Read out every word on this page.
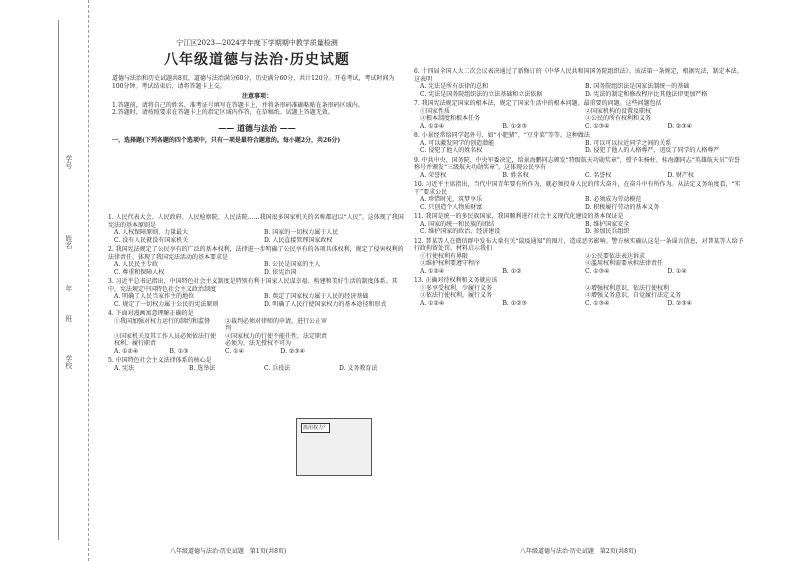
学号
姓名
年
班
学校
宁江区2023—2024学年度下学期期中教学质量检测
八年级道德与法治·历史试题
道德与法治和历史试题共8页，道德与法治满分60分，历史满分60分，共计120分。开卷考试，考试时间为100分钟。考试结束后，请将答题卡上交。
注意事项：
1.答题前，请将自己的姓名、准考证号填写在答题卡上，并将条形码准确粘贴在条形码区域内。
2.答题时，请按照要求在答题卡上的指定区域内作答，在草稿纸、试题上答题无效。
—— 道德与法治 ——
一、选择题(下列各题的四个选项中，只有一项是最符合题意的。每小题2分，共26分)
1. 人民代表大会、人民政府、人民检察院、人民法院……我国很多国家机关的名称都冠以“人民”。这体现了我国宪法的基本原则是
A. 人权保障原则、力量最大	B. 国家的一切权力属于人民
C. 没有人民就没有国家机关	D. 人民直接管理国家政权
2. 我国宪法规定了公民享有的广泛的基本权利，法律进一步明确了公民享有的各项具体权利，规定了侵害权利的法律责任。体现了我国宪法活动的基本要求是
A. 人民民主专政	B. 公民是国家的主人
C. 尊重和保障人权	D. 依宪治国
3. 习近平总书记指出，中国特色社会主义制度是特别有利于国家人民谋幸福、构建和美好生活的制度体系。其中，宪法规定中国特色社会主义政治制度
A. 明确了人民当家作主的地位	B. 奠定了国家权力属于人民的经济基础
C. 规定了一切权力属于公民的宪法原则	D. 明确了人民行使国家权力的基本途径和形式
4. 下面对漫画寓意理解正确的是
①我国加强对权力运行的制约和监督	②裁判必须对律师的申请，进行公正审判
③国家机关及其工作人员必须依法行使权利，履行职责
④国家权力的行使不能任性，法定职责必须为，法无授权不可为
A. ①②④	B. ①③	C. ①④	D. ②③④
5. 中国特色社会主义法律体系的核心是
A. 宪法	B. 选举法	C. 兵役法	D. 义务教育法
6. 十四届全国人大二次会议表决通过了新修订的《中华人民共和国国务院组织法》。该法第一条规定，根据宪法，制定本法。这表明
A. 宪法是所有法律的总和	B. 国务院组织法是国家法制统一的基础
C. 宪法是国务院组织法的立法基础和立法依据	D. 宪法的制定和修改程序比其他法律更加严格
7. 我国宪法规定国家的根本法，规定了国家生活中的根本问题、最重要的问题。这些问题包括
①国家性质	②国家机构的设置及职权
③根本制度和根本任务	④公民的所有权利和义务
A. ①②④	B. ①②③	C. ①③④	D. ②③④
8. 小景经常给同学起外号，如“小肥猪”、“豆芽菜”等等。这种做法
A. 可以激发同学的创造潜能	B. 可以可以拉近同学之间的关系
C. 侵犯了他人的姓名权	D. 侵犯了他人的人格尊严，违反了同学的人格尊严
9. 中共中央、国务院、中央军委决定，给景海鹏同志颁发“特级航天功勋奖章”，授予朱杨柱、桂海潮同志“英雄航天员”荣誉称号并颁发“三级航天功勋奖章”。这体现公民享有
A. 荣誉权	B. 姓名权	C. 名誉权	D. 财产权
10. 习近平主席指出，当代中国青年要有所作为，就必须投身人民的伟大奋斗，在奋斗中有所作为。从法定义务角度看，“实干”要求公民
A. 珍惜时光，筑梦享乐	B. 必须成为劳动模范
C. 只创造个人物质财富	D. 积极履行劳动的基本义务
11. 我国是统一的多民族国家，我国顺利进行社会主义现代化建设的基本保证是
A. 国家的统一和民族的团结	B. 维护国家安全
C. 维护国家的政治、经济建设	D. 参加民兵组织
12. 普某等人在微信群中发布大量有关“鼠疫通知”的图片，造成恶劣影响。警方核实确认这是一条谣言信息，对普某等人给予行政拘留处罚。材料启示我们
①行使权利有界限	②公民要依法表达诉求
③维护权利要遵守程序	④滥用权利需要承担法律责任
A. ①②④	B. ①②	C. ①③④	D. ①④
13. 正确对待权利和义务就应该
①多享受权利，少履行义务	②增强权利意识，依法行使权利
③依法行使权利，履行义务	④增强义务意识，自觉履行法定义务
A. ①②④	B. ①②③	C. ①③④	D. ②③④
滥用权力？
八年级道德与法治·历史试题　第1页(共8页)	八年级道德与法治·历史试题　第2页(共8页)
